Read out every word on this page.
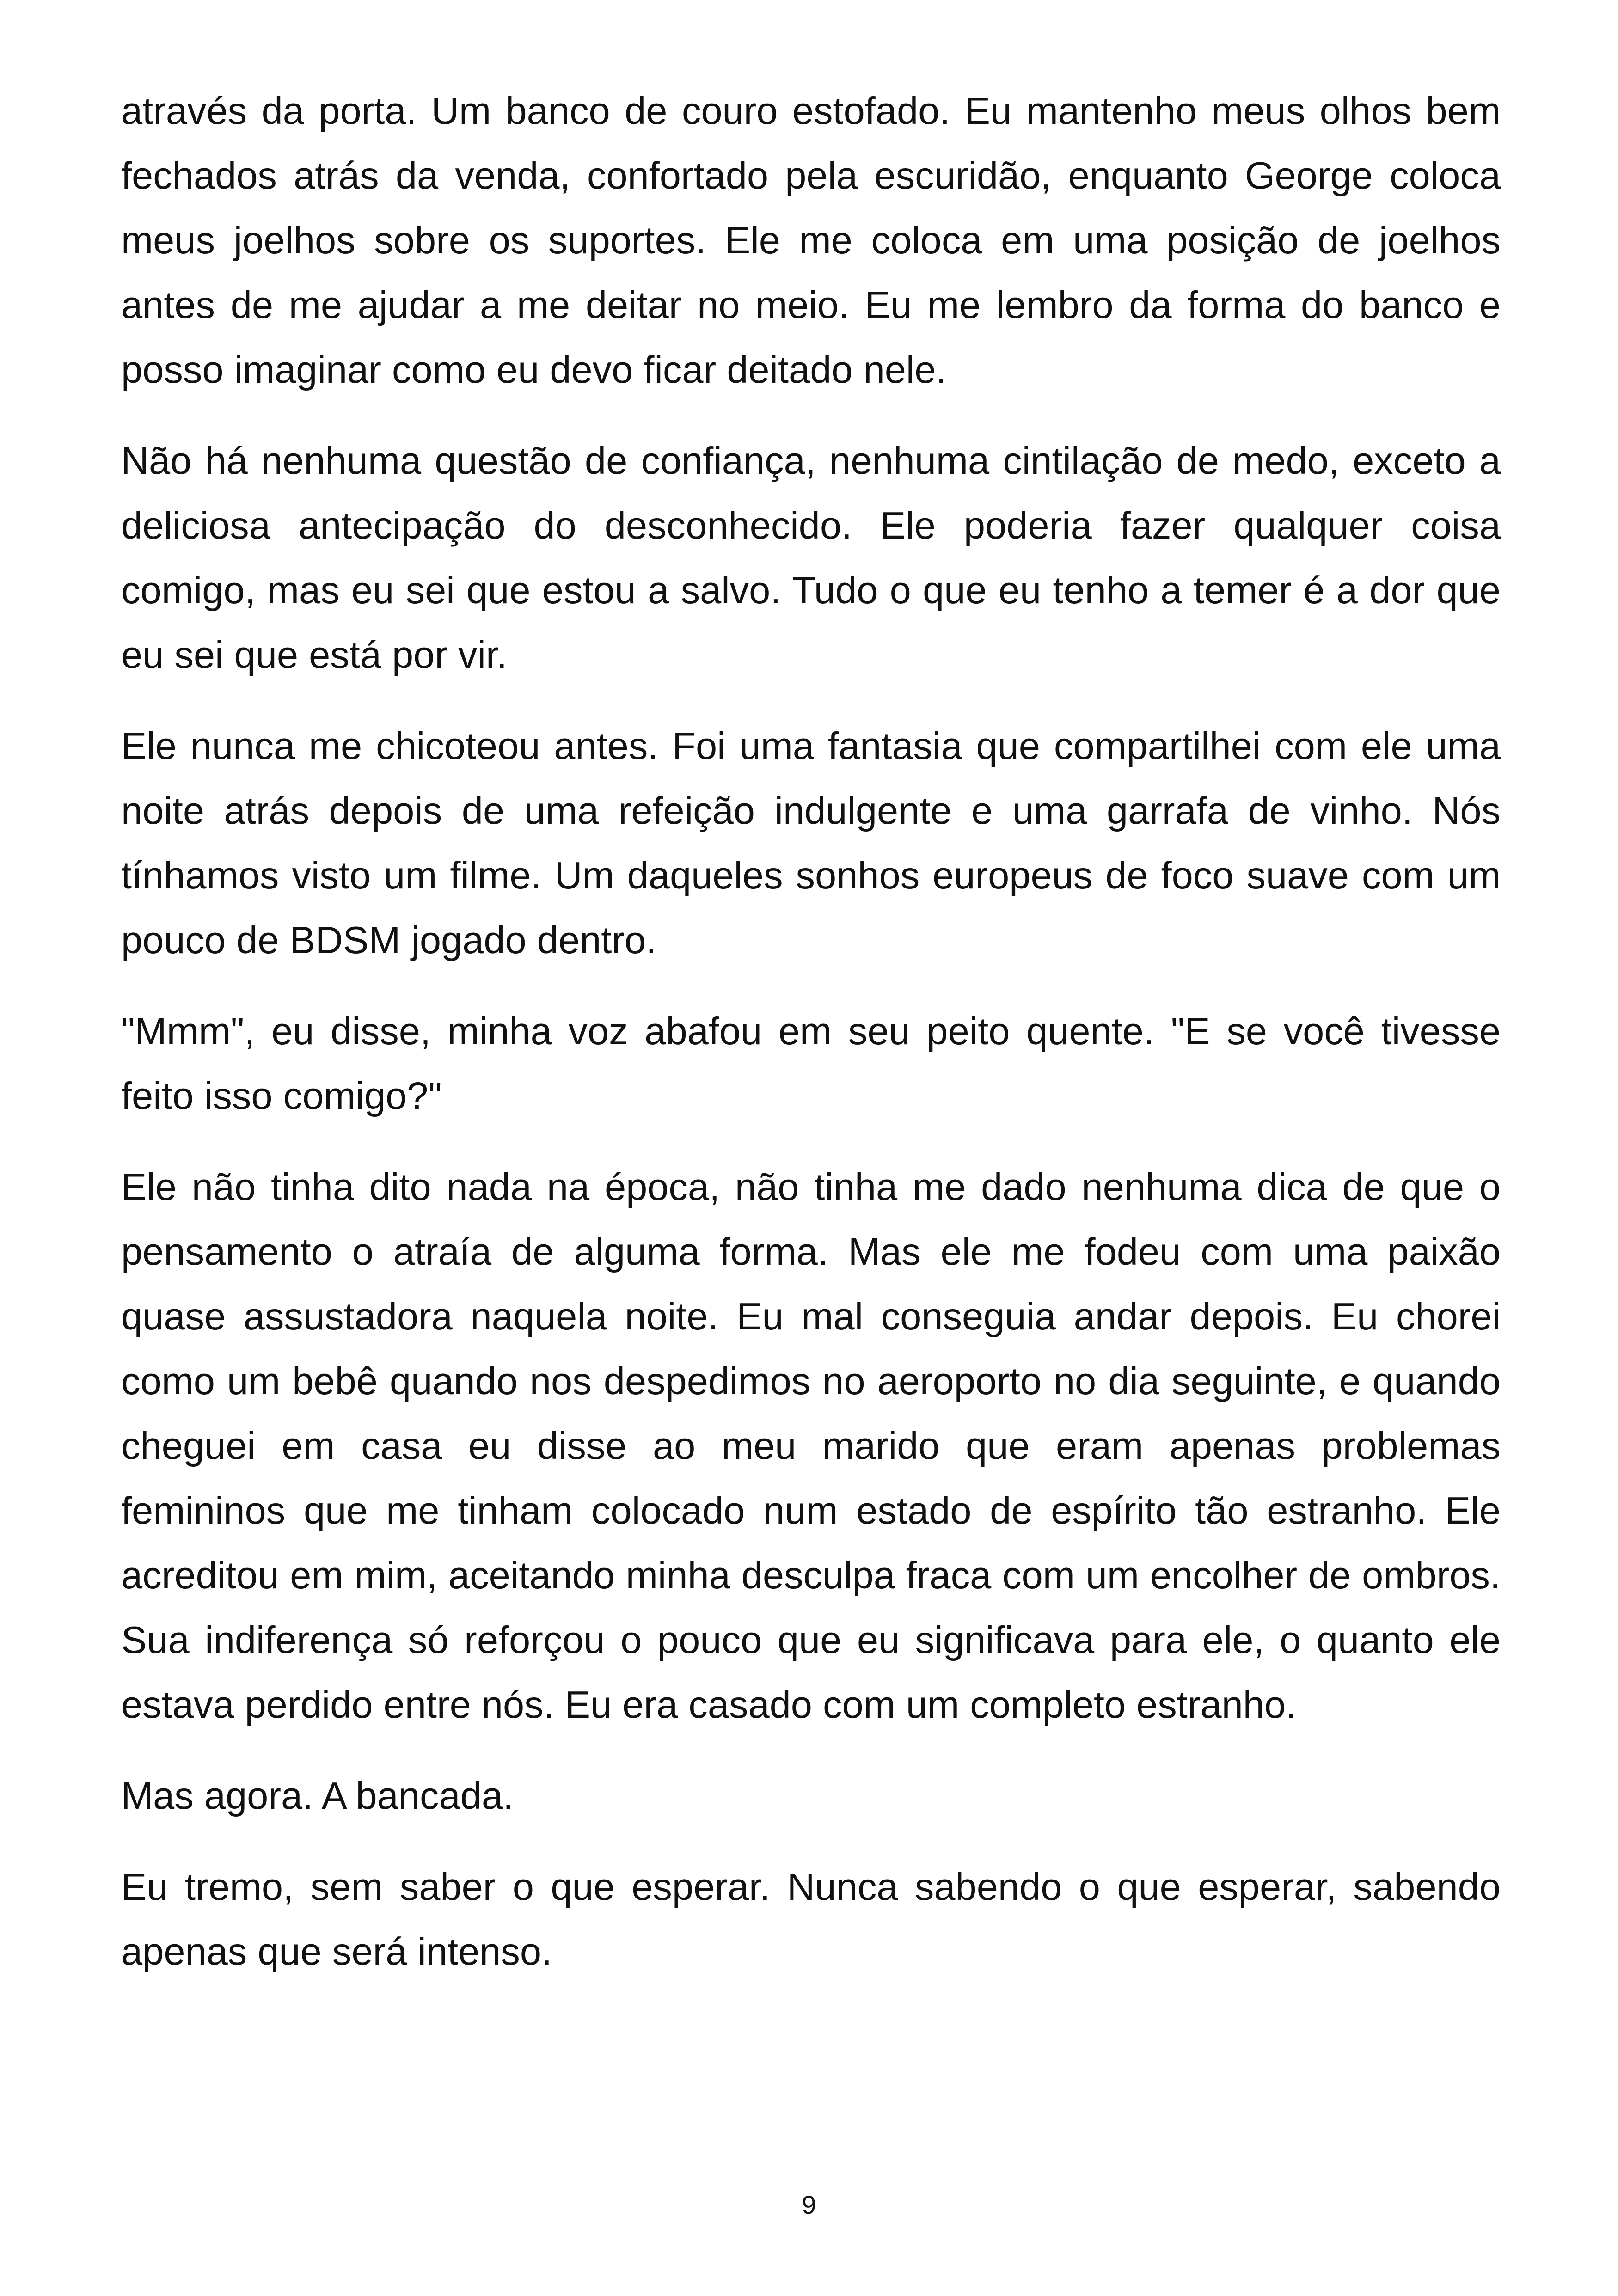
através da porta. Um banco de couro estofado. Eu mantenho meus olhos bem fechados atrás da venda, confortado pela escuridão, enquanto George coloca meus joelhos sobre os suportes. Ele me coloca em uma posição de joelhos antes de me ajudar a me deitar no meio. Eu me lembro da forma do banco e posso imaginar como eu devo ficar deitado nele.

Não há nenhuma questão de confiança, nenhuma cintilação de medo, exceto a deliciosa antecipação do desconhecido. Ele poderia fazer qualquer coisa comigo, mas eu sei que estou a salvo. Tudo o que eu tenho a temer é a dor que eu sei que está por vir.

Ele nunca me chicoteou antes. Foi uma fantasia que compartilhei com ele uma noite atrás depois de uma refeição indulgente e uma garrafa de vinho. Nós tínhamos visto um filme. Um daqueles sonhos europeus de foco suave com um pouco de BDSM jogado dentro.

"Mmm", eu disse, minha voz abafou em seu peito quente. "E se você tivesse feito isso comigo?"

Ele não tinha dito nada na época, não tinha me dado nenhuma dica de que o pensamento o atraía de alguma forma. Mas ele me fodeu com uma paixão quase assustadora naquela noite. Eu mal conseguia andar depois. Eu chorei como um bebê quando nos despedimos no aeroporto no dia seguinte, e quando cheguei em casa eu disse ao meu marido que eram apenas problemas femininos que me tinham colocado num estado de espírito tão estranho. Ele acreditou em mim, aceitando minha desculpa fraca com um encolher de ombros. Sua indiferença só reforçou o pouco que eu significava para ele, o quanto ele estava perdido entre nós. Eu era casado com um completo estranho.

Mas agora. A bancada.

Eu tremo, sem saber o que esperar. Nunca sabendo o que esperar, sabendo apenas que será intenso.

9
